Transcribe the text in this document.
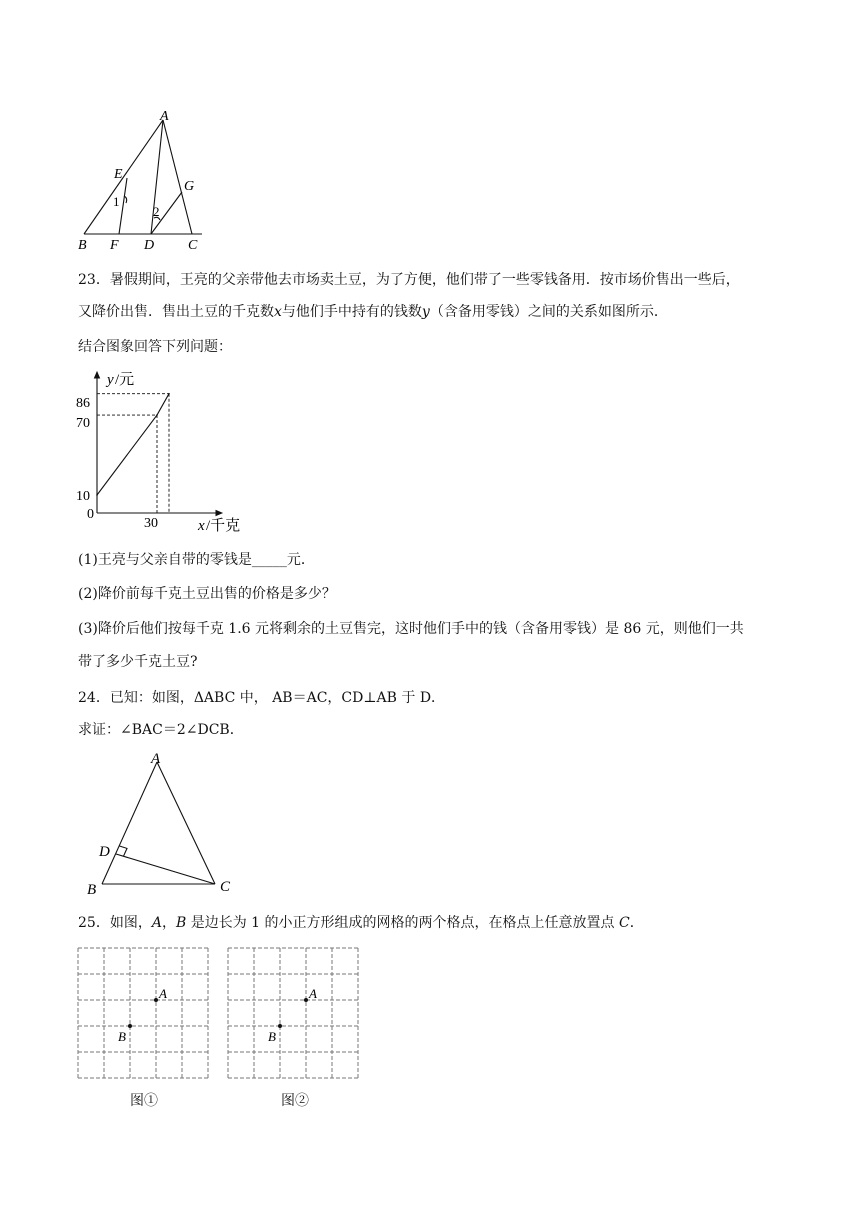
A
E
G
1
2
B F D C
23．暑假期间，王亮的父亲带他去市场卖土豆，为了方便，他们带了一些零钱备用．按市场价售出一些后，
又降价出售．售出土豆的千克数x与他们手中持有的钱数y（含备用零钱）之间的关系如图所示．
结合图象回答下列问题：
y /元
x /千克
0
86
70
10
30
(1)王亮与父亲自带的零钱是_____元．
(2)降价前每千克土豆出售的价格是多少？
(3)降价后他们按每千克 1.6 元将剩余的土豆售完，这时他们手中的钱（含备用零钱）是 86 元，则他们一共
带了多少千克土豆?
24．已知：如图，ΔABC 中， AB＝AC，CD⊥AB 于 D．
求证：∠BAC＝2∠DCB．
A
D
B	C
25．如图，A，B 是边长为 1 的小正方形组成的网格的两个格点，在格点上任意放置点 C．
A
B
A
B
图①	图②
